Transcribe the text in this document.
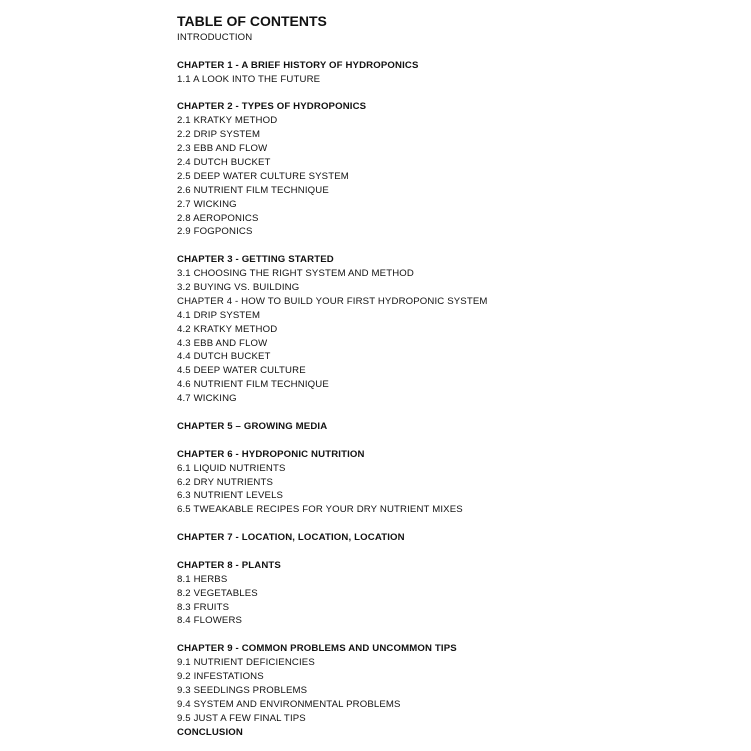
TABLE OF CONTENTS
INTRODUCTION
CHAPTER 1 - A BRIEF HISTORY OF HYDROPONICS
1.1 A LOOK INTO THE FUTURE
CHAPTER 2 - TYPES OF HYDROPONICS
2.1 KRATKY METHOD
2.2 DRIP SYSTEM
2.3 EBB AND FLOW
2.4 DUTCH BUCKET
2.5 DEEP WATER CULTURE SYSTEM
2.6 NUTRIENT FILM TECHNIQUE
2.7 WICKING
2.8 AEROPONICS
2.9 FOGPONICS
CHAPTER 3 - GETTING STARTED
3.1 CHOOSING THE RIGHT SYSTEM AND METHOD
3.2 BUYING VS. BUILDING
CHAPTER 4 - HOW TO BUILD YOUR FIRST HYDROPONIC SYSTEM
4.1 DRIP SYSTEM
4.2 KRATKY METHOD
4.3 EBB AND FLOW
4.4 DUTCH BUCKET
4.5 DEEP WATER CULTURE
4.6 NUTRIENT FILM TECHNIQUE
4.7 WICKING
CHAPTER 5 – GROWING MEDIA
CHAPTER 6 - HYDROPONIC NUTRITION
6.1 LIQUID NUTRIENTS
6.2 DRY NUTRIENTS
6.3 NUTRIENT LEVELS
6.5 TWEAKABLE RECIPES FOR YOUR DRY NUTRIENT MIXES
CHAPTER 7 - LOCATION, LOCATION, LOCATION
CHAPTER 8 - PLANTS
8.1 HERBS
8.2 VEGETABLES
8.3 FRUITS
8.4 FLOWERS
CHAPTER 9 - COMMON PROBLEMS AND UNCOMMON TIPS
9.1 NUTRIENT DEFICIENCIES
9.2 INFESTATIONS
9.3 SEEDLINGS PROBLEMS
9.4 SYSTEM AND ENVIRONMENTAL PROBLEMS
9.5 JUST A FEW FINAL TIPS
CONCLUSION
